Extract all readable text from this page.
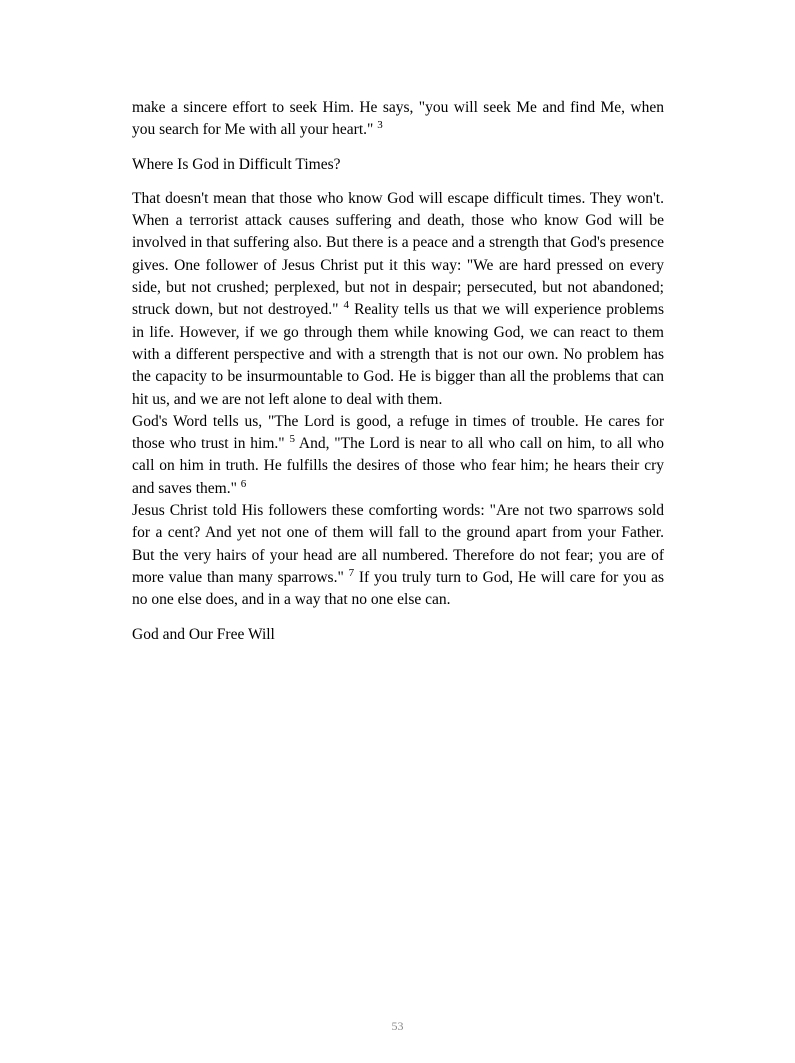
make a sincere effort to seek Him. He says, "you will seek Me and find Me, when you search for Me with all your heart." $^3$

Where Is God in Difficult Times?

That doesn't mean that those who know God will escape difficult times. They won't. When a terrorist attack causes suffering and death, those who know God will be involved in that suffering also. But there is a peace and a strength that God's presence gives. One follower of Jesus Christ put it this way: "We are hard pressed on every side, but not crushed; perplexed, but not in despair; persecuted, but not abandoned; struck down, but not destroyed." $^4$ Reality tells us that we will experience problems in life. However, if we go through them while knowing God, we can react to them with a different perspective and with a strength that is not our own. No problem has the capacity to be insurmountable to God. He is bigger than all the problems that can hit us, and we are not left alone to deal with them.

God's Word tells us, "The Lord is good, a refuge in times of trouble. He cares for those who trust in him." $^5$ And, "The Lord is near to all who call on him, to all who call on him in truth. He fulfills the desires of those who fear him; he hears their cry and saves them." $^6$

Jesus Christ told His followers these comforting words: "Are not two sparrows sold for a cent? And yet not one of them will fall to the ground apart from your Father. But the very hairs of your head are all numbered. Therefore do not fear; you are of more value than many sparrows." $^7$ If you truly turn to God, He will care for you as no one else does, and in a way that no one else can.

God and Our Free Will

53
